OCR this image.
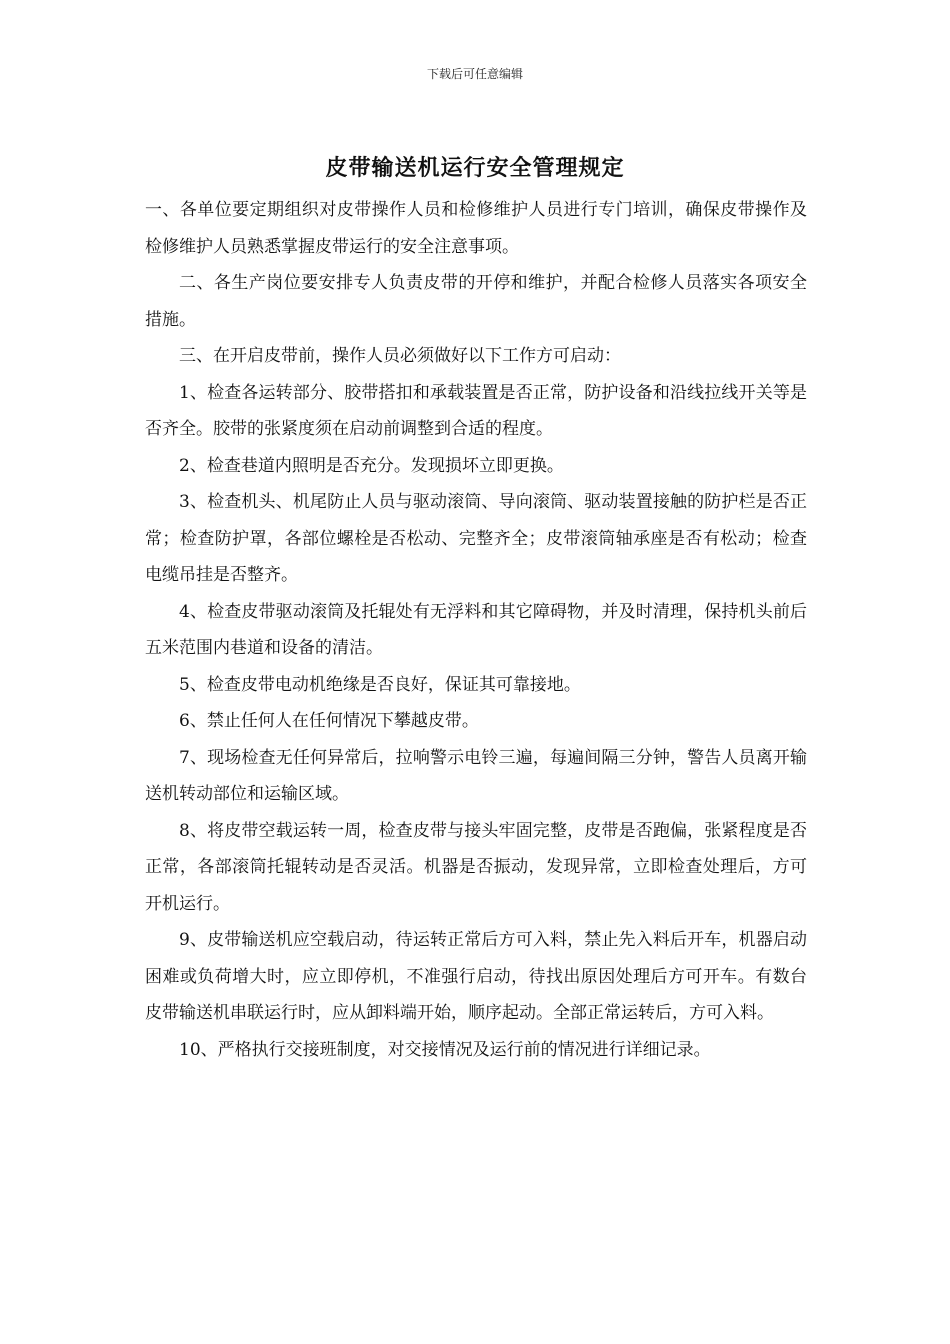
下载后可任意编辑
皮带输送机运行安全管理规定

一、各单位要定期组织对皮带操作人员和检修维护人员进行专门培训，确保皮带操作及检修维护人员熟悉掌握皮带运行的安全注意事项。

二、各生产岗位要安排专人负责皮带的开停和维护，并配合检修人员落实各项安全措施。

三、在开启皮带前，操作人员必须做好以下工作方可启动：

1、检查各运转部分、胶带搭扣和承载装置是否正常，防护设备和沿线拉线开关等是否齐全。胶带的张紧度须在启动前调整到合适的程度。

2、检查巷道内照明是否充分。发现损坏立即更换。

3、检查机头、机尾防止人员与驱动滚筒、导向滚筒、驱动装置接触的防护栏是否正常；检查防护罩，各部位螺栓是否松动、完整齐全；皮带滚筒轴承座是否有松动；检查电缆吊挂是否整齐。

4、检查皮带驱动滚筒及托辊处有无浮料和其它障碍物，并及时清理，保持机头前后五米范围内巷道和设备的清洁。

5、检查皮带电动机绝缘是否良好，保证其可靠接地。

6、禁止任何人在任何情况下攀越皮带。

7、现场检查无任何异常后，拉响警示电铃三遍，每遍间隔三分钟，警告人员离开输送机转动部位和运输区域。

8、将皮带空载运转一周，检查皮带与接头牢固完整，皮带是否跑偏，张紧程度是否正常，各部滚筒托辊转动是否灵活。机器是否振动，发现异常，立即检查处理后，方可开机运行。

9、皮带输送机应空载启动，待运转正常后方可入料，禁止先入料后开车，机器启动困难或负荷增大时，应立即停机，不准强行启动，待找出原因处理后方可开车。有数台皮带输送机串联运行时，应从卸料端开始，顺序起动。全部正常运转后，方可入料。

10、严格执行交接班制度，对交接情况及运行前的情况进行详细记录。
